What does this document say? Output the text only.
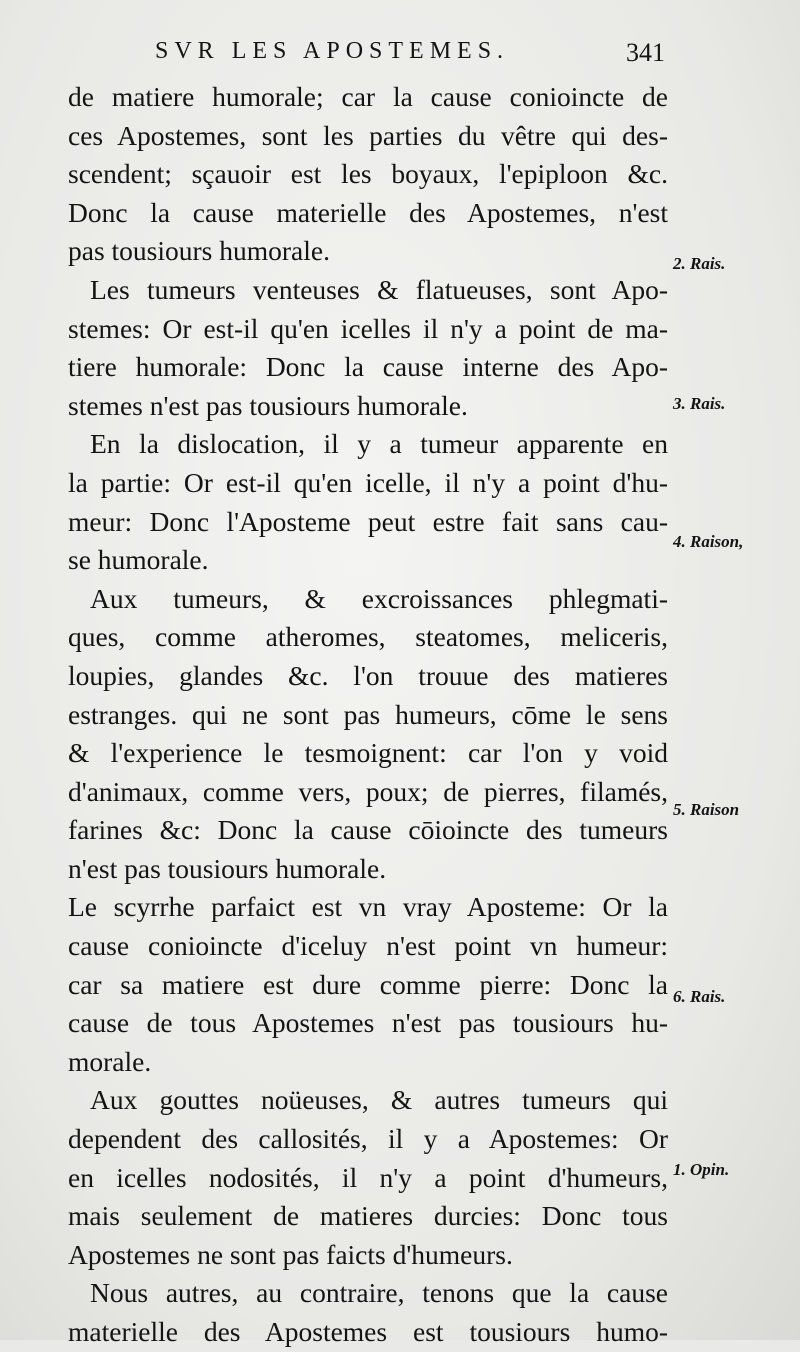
SVR LES APOSTEMES.	341
de matiere humorale; car la cause conioincte de
ces Apostemes, sont les parties du vêtre qui des-
scendent; sçauoir est les boyaux, l'epiploon &c.
Donc la cause materielle des Apostemes, n'est
pas tousiours humorale.
Les tumeurs venteuses & flatueuses, sont Apo-
stemes: Or est-il qu'en icelles il n'y a point de ma-
tiere humorale: Donc la cause interne des Apo-
stemes n'est pas tousiours humorale.
En la dislocation, il y a tumeur apparente en
la partie: Or est-il qu'en icelle, il n'y a point d'hu-
meur: Donc l'Aposteme peut estre fait sans cau-
se humorale.
Aux tumeurs, & excroissances phlegmati-
ques, comme atheromes, steatomes, meliceris,
loupies, glandes &c. l'on trouue des matieres
estranges. qui ne sont pas humeurs, cōme le sens
& l'experience le tesmoignent: car l'on y void
d'animaux, comme vers, poux; de pierres, filamés,
farines &c: Donc la cause cōioincte des tumeurs
n'est pas tousiours humorale.
Le scyrrhe parfaict est vn vray Aposteme: Or la
cause conioincte d'iceluy n'est point vn humeur:
car sa matiere est dure comme pierre: Donc la
cause de tous Apostemes n'est pas tousiours hu-
morale.
Aux gouttes noüeuses, & autres tumeurs qui
dependent des callosités, il y a Apostemes: Or
en icelles nodosités, il n'y a point d'humeurs,
mais seulement de matieres durcies: Donc tous
Apostemes ne sont pas faicts d'humeurs.
Nous autres, au contraire, tenons que la cause
materielle des Apostemes est tousiours humo-
2. Rais.
3. Rais.
4. Raison,
5. Raison
6. Rais.
1. Opin.
